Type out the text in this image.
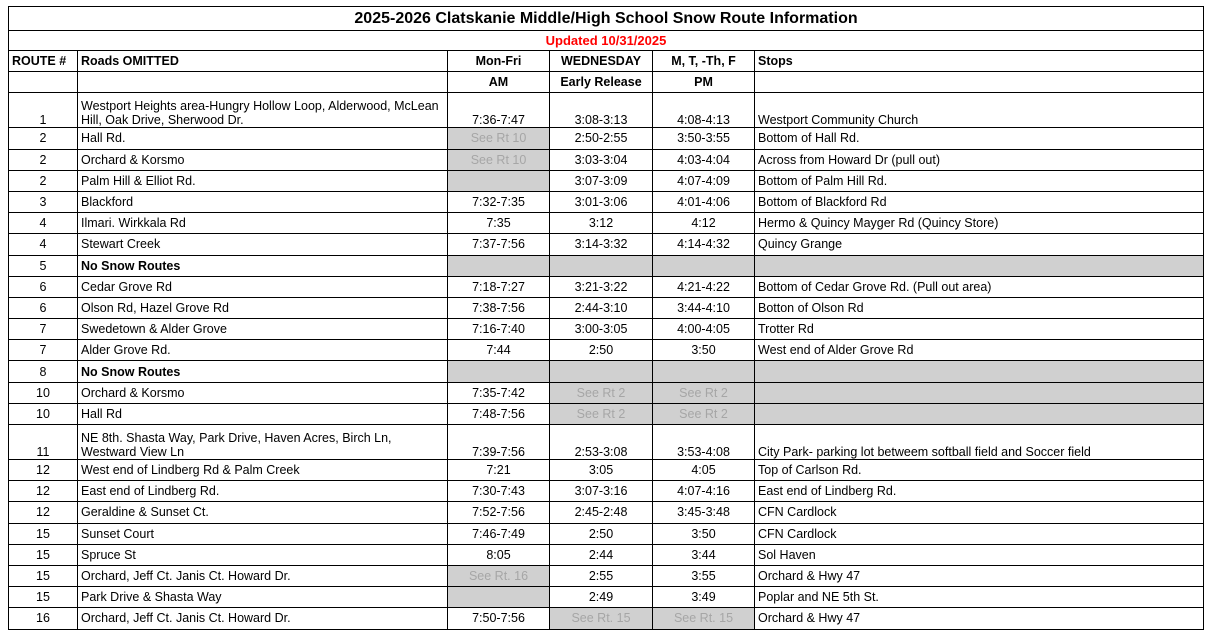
2025-2026 Clatskanie Middle/High School Snow Route Information					
Updated 10/31/2025					
ROUTE #	Roads OMITTED	Mon-Fri	WEDNESDAY	M, T, -Th, F	Stops
		AM	Early Release	PM	
1	Westport Heights area-Hungry Hollow Loop, Alderwood, McLean Hill, Oak Drive, Sherwood Dr.	7:36-7:47	3:08-3:13	4:08-4:13	Westport Community Church
2	Hall Rd.	See Rt 10	2:50-2:55	3:50-3:55	Bottom of Hall Rd.
2	Orchard & Korsmo	See Rt 10	3:03-3:04	4:03-4:04	Across from Howard Dr (pull out)
2	Palm Hill & Elliot Rd.		3:07-3:09	4:07-4:09	Bottom of Palm Hill Rd.
3	Blackford	7:32-7:35	3:01-3:06	4:01-4:06	Bottom of Blackford Rd
4	Ilmari. Wirkkala Rd	7:35	3:12	4:12	Hermo & Quincy Mayger Rd (Quincy Store)
4	Stewart Creek	7:37-7:56	3:14-3:32	4:14-4:32	Quincy Grange
5	No Snow Routes				
6	Cedar Grove Rd	7:18-7:27	3:21-3:22	4:21-4:22	Bottom of Cedar Grove Rd. (Pull out area)
6	Olson Rd, Hazel Grove Rd	7:38-7:56	2:44-3:10	3:44-4:10	Botton of Olson Rd
7	Swedetown & Alder Grove	7:16-7:40	3:00-3:05	4:00-4:05	Trotter Rd
7	Alder Grove Rd.	7:44	2:50	3:50	West end of Alder Grove Rd
8	No Snow Routes				
10	Orchard & Korsmo	7:35-7:42	See Rt 2	See Rt 2	
10	Hall Rd	7:48-7:56	See Rt 2	See Rt 2	
11	NE 8th. Shasta Way, Park Drive, Haven Acres, Birch Ln, Westward View Ln	7:39-7:56	2:53-3:08	3:53-4:08	City Park- parking lot betweem softball field and Soccer field
12	West end of Lindberg Rd & Palm Creek	7:21	3:05	4:05	Top of Carlson Rd.
12	East end of Lindberg Rd.	7:30-7:43	3:07-3:16	4:07-4:16	East end of Lindberg Rd.
12	Geraldine & Sunset Ct.	7:52-7:56	2:45-2:48	3:45-3:48	CFN Cardlock
15	Sunset Court	7:46-7:49	2:50	3:50	CFN Cardlock
15	Spruce St	8:05	2:44	3:44	Sol Haven
15	Orchard, Jeff Ct. Janis Ct. Howard Dr.	See Rt. 16	2:55	3:55	Orchard & Hwy 47
15	Park Drive & Shasta Way		2:49	3:49	Poplar and NE 5th St.
16	Orchard, Jeff Ct. Janis Ct. Howard Dr.	7:50-7:56	See Rt. 15	See Rt. 15	Orchard & Hwy 47
